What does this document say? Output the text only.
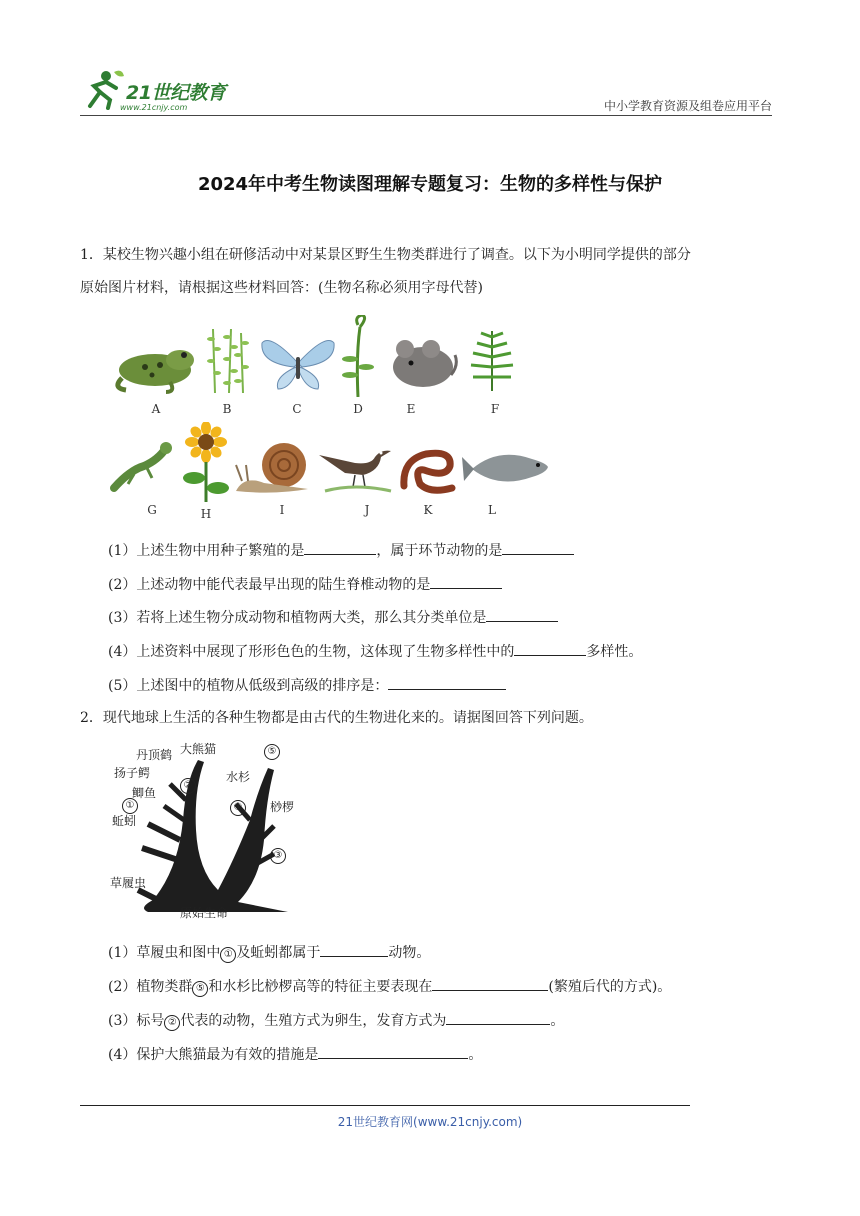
21世纪教育
www.21cnjy.com	中小学教育资源及组卷应用平台
2024年中考生物读图理解专题复习：生物的多样性与保护
1．某校生物兴趣小组在研修活动中对某景区野生生物类群进行了调查。以下为小明同学提供的部分
原始图片材料，请根据这些材料回答：(生物名称必须用字母代替)
A	B	C	D	E	F
G	H	I	J	K	L
(1）上述生物中用种子繁殖的是	，属于环节动物的是
(2）上述动物中能代表最早出现的陆生脊椎动物的是
(3）若将上述生物分成动物和植物两大类，那么其分类单位是
(4）上述资料中展现了形形色色的生物，这体现了生物多样性中的	多样性。
(5）上述图中的植物从低级到高级的排序是：
2．现代地球上生活的各种生物都是由古代的生物进化来的。请据图回答下列问题。
丹顶鹤 大熊猫
扬子鳄
鲫鱼
蚯蚓
草履虫
原始生命
水杉
桫椤
①
②
③
④
⑤
(1）草履虫和图中 ① 及蚯蚓都属于	动物。
(2）植物类群 ⑤ 和水杉比桫椤高等的特征主要表现在	(繁殖后代的方式)。
(3）标号 ② 代表的动物，生殖方式为卵生，发育方式为	。
(4）保护大熊猫最为有效的措施是	。
21世纪教育网(www.21cnjy.com)
